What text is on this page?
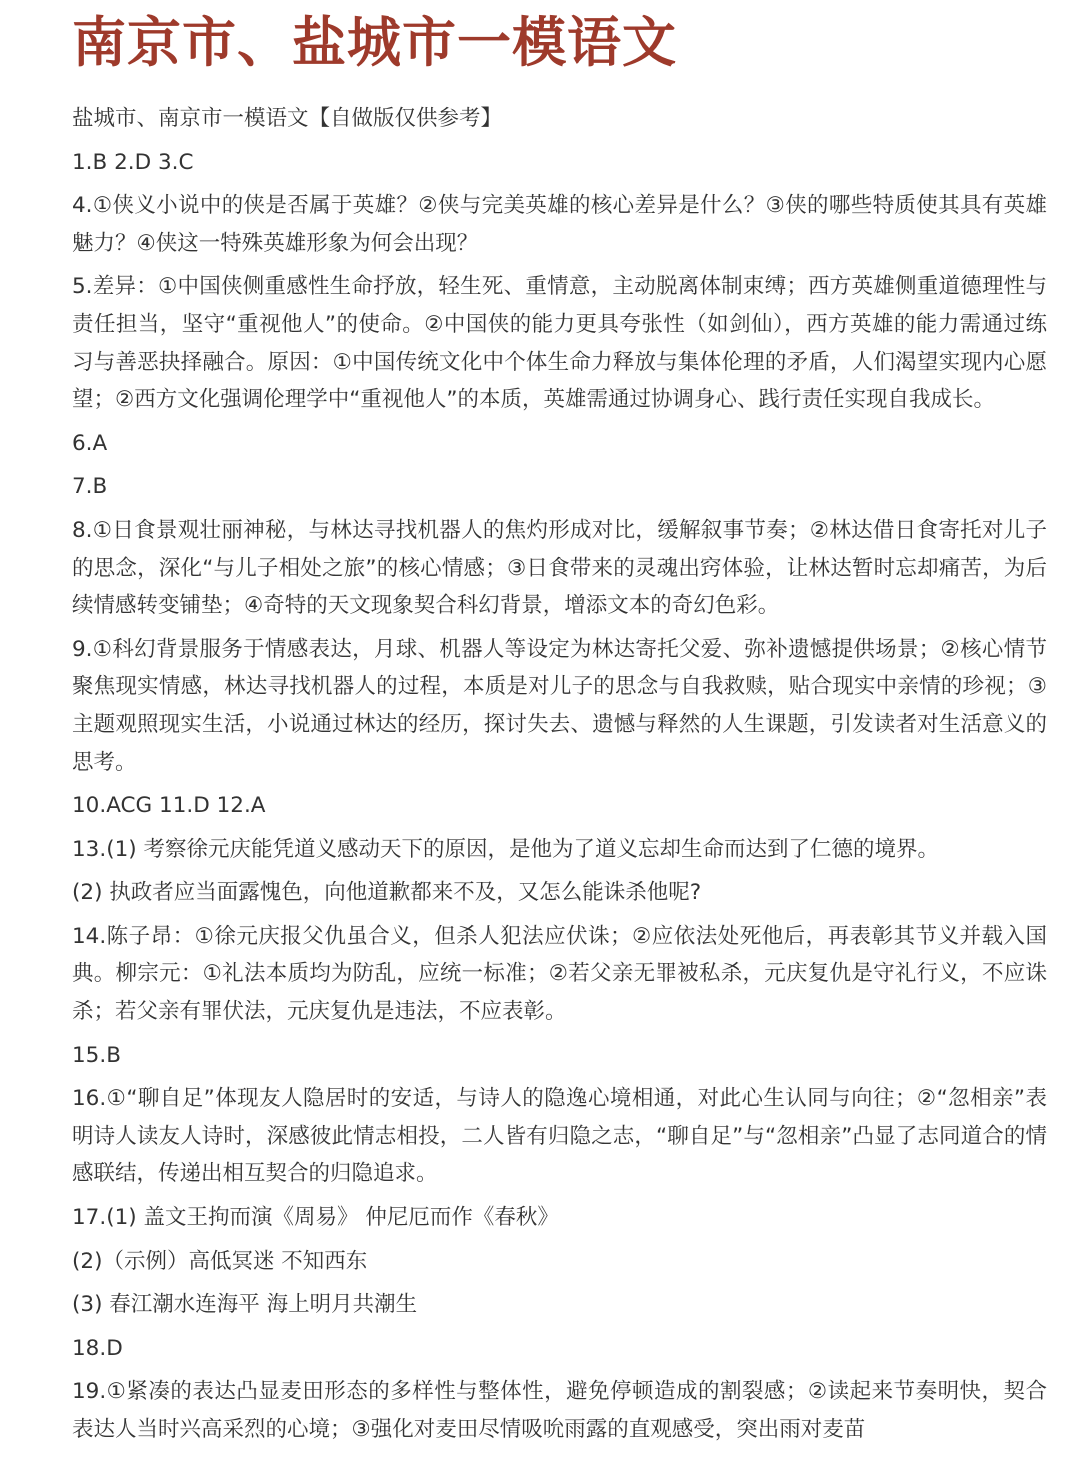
南京市、盐城市一模语文

盐城市、南京市一模语文【自做版仅供参考】

1.B 2.D 3.C

4.①侠义小说中的侠是否属于英雄？②侠与完美英雄的核心差异是什么？③侠的哪些特质使其具有英雄魅力？④侠这一特殊英雄形象为何会出现？

5.差异：①中国侠侧重感性生命抒放，轻生死、重情意，主动脱离体制束缚；西方英雄侧重道德理性与责任担当，坚守“重视他人”的使命。②中国侠的能力更具夸张性（如剑仙），西方英雄的能力需通过练习与善恶抉择融合。原因：①中国传统文化中个体生命力释放与集体伦理的矛盾，人们渴望实现内心愿望；②西方文化强调伦理学中“重视他人”的本质，英雄需通过协调身心、践行责任实现自我成长。

6.A

7.B

8.①日食景观壮丽神秘，与林达寻找机器人的焦灼形成对比，缓解叙事节奏；②林达借日食寄托对儿子的思念，深化“与儿子相处之旅”的核心情感；③日食带来的灵魂出窍体验，让林达暂时忘却痛苦，为后续情感转变铺垫；④奇特的天文现象契合科幻背景，增添文本的奇幻色彩。

9.①科幻背景服务于情感表达，月球、机器人等设定为林达寄托父爱、弥补遗憾提供场景；②核心情节聚焦现实情感，林达寻找机器人的过程，本质是对儿子的思念与自我救赎，贴合现实中亲情的珍视；③主题观照现实生活，小说通过林达的经历，探讨失去、遗憾与释然的人生课题，引发读者对生活意义的思考。

10.ACG 11.D 12.A

13.(1) 考察徐元庆能凭道义感动天下的原因，是他为了道义忘却生命而达到了仁德的境界。

(2) 执政者应当面露愧色，向他道歉都来不及，又怎么能诛杀他呢?

14.陈子昂：①徐元庆报父仇虽合义，但杀人犯法应伏诛；②应依法处死他后，再表彰其节义并载入国典。柳宗元：①礼法本质均为防乱，应统一标准；②若父亲无罪被私杀，元庆复仇是守礼行义，不应诛杀；若父亲有罪伏法，元庆复仇是违法，不应表彰。

15.B

16.①“聊自足”体现友人隐居时的安适，与诗人的隐逸心境相通，对此心生认同与向往；②“忽相亲”表明诗人读友人诗时，深感彼此情志相投，二人皆有归隐之志，“聊自足”与“忽相亲”凸显了志同道合的情感联结，传递出相互契合的归隐追求。

17.(1) 盖文王拘而演《周易》 仲尼厄而作《春秋》

(2)（示例）高低冥迷 不知西东

(3) 春江潮水连海平 海上明月共潮生

18.D

19.①紧凑的表达凸显麦田形态的多样性与整体性，避免停顿造成的割裂感；②读起来节奏明快，契合表达人当时兴高采烈的心境；③强化对麦田尽情吸吮雨露的直观感受，突出雨对麦苗
